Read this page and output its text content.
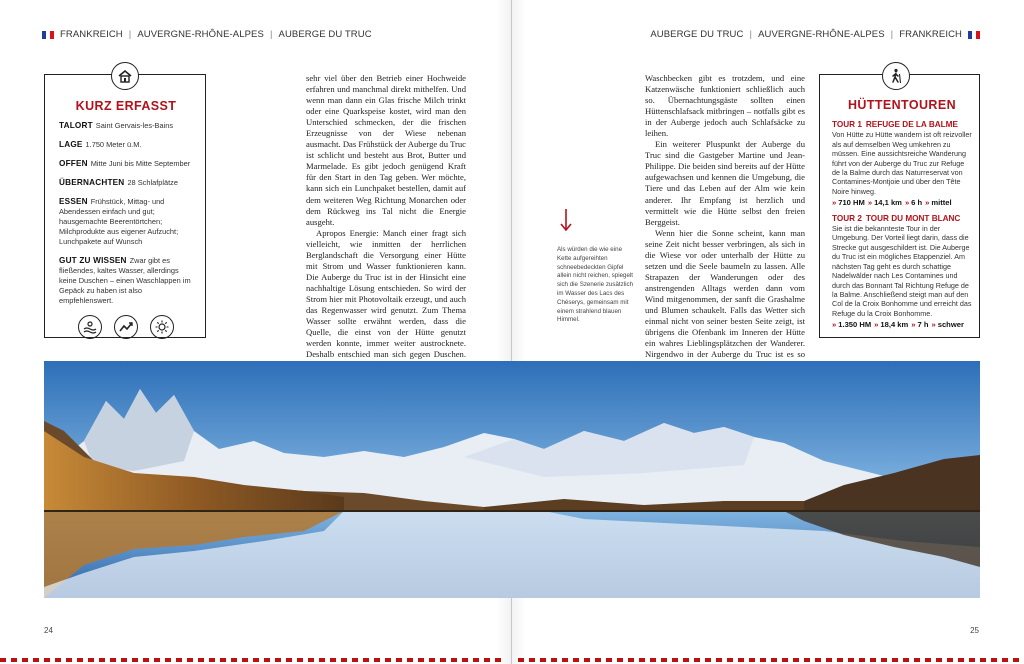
FRANKREICH | AUVERGNE-RHÔNE-ALPES | AUBERGE DU TRUC	AUBERGE DU TRUC | AUVERGNE-RHÔNE-ALPES | FRANKREICH
KURZ ERFASST
TALORT Saint Gervais-les-Bains
LAGE 1.750 Meter ü.M.
OFFEN Mitte Juni bis Mitte September
ÜBERNACHTEN 28 Schlafplätze
ESSEN Frühstück, Mittag- und Abendessen einfach und gut; hausgemachte Beerentörtchen; Milchprodukte aus eigener Aufzucht; Lunchpakete auf Wunsch
GUT ZU WISSEN Zwar gibt es fließendes, kaltes Wasser, allerdings keine Duschen – einen Waschlappen im Gepäck zu haben ist also empfehlenswert.

sehr viel über den Betrieb einer Hochweide erfahren und manchmal direkt mithelfen. Und wenn man dann ein Glas frische Milch trinkt oder eine Quarkspeise kostet, wird man den Unterschied schmecken, der die frischen Erzeugnisse von der Wiese nebenan ausmacht. Das Frühstück der Auberge du Truc ist schlicht und besteht aus Brot, Butter und Marmelade. Es gibt jedoch genügend Kraft für den Start in den Tag geben. Wer möchte, kann sich ein Lunchpaket bestellen, damit auf dem weiteren Weg Richtung Monarchen oder dem Rückweg ins Tal nicht die Energie ausgeht.

Apropos Energie: Manch einer fragt sich vielleicht, wie inmitten der herrlichen Berglandschaft die Versorgung einer Hütte mit Strom und Wasser funktionieren kann. Die Auberge du Truc ist in der Hinsicht eine nachhaltige Lösung entschieden. So wird der Strom hier mit Photovoltaik erzeugt, und auch das Regenwasser wird genutzt. Zum Thema Wasser sollte erwähnt werden, dass die Quelle, die einst von der Hütte genutzt werden konnte, immer weiter austrocknete. Deshalb entschied man sich gegen Duschen.

Als würden die wie eine Kette aufgereihten schneebedeckten Gipfel allein nicht reichen, spiegelt sich die Szenerie zusätzlich im Wasser des Lacs des Chéserys, gemeinsam mit einem strahlend blauen Himmel.

Waschbecken gibt es trotzdem, und eine Katzenwäsche funktioniert schließlich auch so. Übernachtungsgäste sollten einen Hüttenschlafsack mitbringen – notfalls gibt es in der Auberge jedoch auch Schlafsäcke zu leihen.

Ein weiterer Pluspunkt der Auberge du Truc sind die Gastgeber Martine und Jean-Philippe. Die beiden sind bereits auf der Hütte aufgewachsen und kennen die Umgebung, die Tiere und das Leben auf der Alm wie kein anderer. Ihr Empfang ist herzlich und vermittelt wie die Hütte selbst den freien Berggeist.

Wenn hier die Sonne scheint, kann man seine Zeit nicht besser verbringen, als sich in die Wiese vor oder unterhalb der Hütte zu setzen und die Seele baumeln zu lassen. Alle Strapazen der Wanderungen oder des anstrengenden Alltags werden dann vom Wind mitgenommen, der sanft die Grashalme und Blumen schaukelt. Falls das Wetter sich einmal nicht von seiner besten Seite zeigt, ist übrigens die Ofenbank im Inneren der Hütte ein wahres Lieblingsplätzchen der Wanderer. Nirgendwo in der Auberge du Truc ist es so

HÜTTENTOUREN
TOUR 1 REFUGE DE LA BALME
Von Hütte zu Hütte wandern ist oft reizvoller als auf demselben Weg umkehren zu müssen. Eine aussichtsreiche Wanderung führt von der Auberge du Truc zur Refuge de la Balme durch das Naturreservat von Contamines-Montjoie und über den Tête Noire hinweg.
» 710 HM » 14,1 km » 6 h » mittel
TOUR 2 TOUR DU MONT BLANC
Sie ist die bekannteste Tour in der Umgebung. Der Vorteil liegt darin, dass die Strecke gut ausgeschildert ist. Die Auberge du Truc ist ein mögliches Etappenziel. Am nächsten Tag geht es durch schattige Nadelwälder nach Les Contamines und durch das Bonnant Tal Richtung Refuge de la Balme. Anschließend steigt man auf den Col de la Croix Bonhomme und erreicht das Refuge du la Croix Bonhomme.
» 1.350 HM » 18,4 km » 7 h » schwer
24	25
